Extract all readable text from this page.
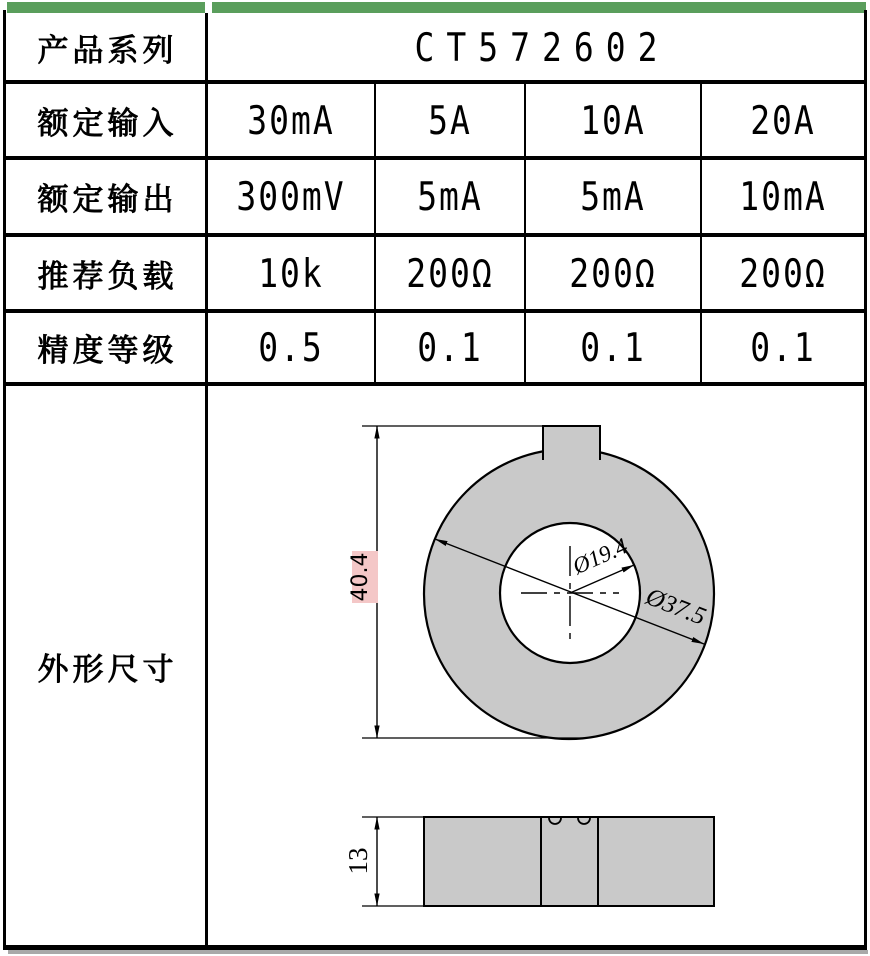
产品系列	CT572602
额定输入	30mA	5A	10A	20A
额定输出	300mV	5mA	5mA	10mA
推荐负载	10k	200Ω	200Ω	200Ω
精度等级	0.5	0.1	0.1	0.1
外形尺寸
Ø19.4
Ø37.5
40.4
13
